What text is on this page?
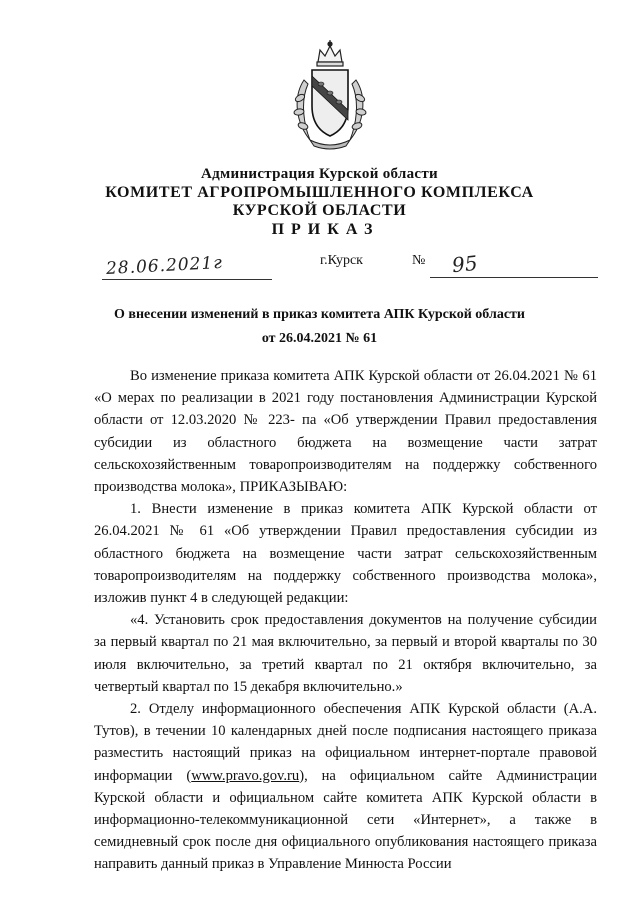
Администрация Курской области
КОМИТЕТ АГРОПРОМЫШЛЕННОГО КОМПЛЕКСА
КУРСКОЙ ОБЛАСТИ
ПРИКАЗ
28.06.2021г	г.Курск	№ 95
О внесении изменений в приказ комитета АПК Курской области
от 26.04.2021 № 61

Во изменение приказа комитета АПК Курской области от 26.04.2021 № 61 «О мерах по реализации в 2021 году постановления Администрации Курской области от 12.03.2020 № 223- па «Об утверждении Правил предоставления субсидии из областного бюджета на возмещение части затрат сельскохозяйственным товаропроизводителям на поддержку собственного производства молока», ПРИКАЗЫВАЮ:

1. Внести изменение в приказ комитета АПК Курской области от 26.04.2021 № 61 «Об утверждении Правил предоставления субсидии из областного бюджета на возмещение части затрат сельскохозяйственным товаропроизводителям на поддержку собственного производства молока», изложив пункт 4 в следующей редакции:

«4. Установить срок предоставления документов на получение субсидии за первый квартал по 21 мая включительно, за первый и второй кварталы по 30 июля включительно, за третий квартал по 21 октября включительно, за четвертый квартал по 15 декабря включительно.»

2. Отделу информационного обеспечения АПК Курской области (А.А. Тутов), в течении 10 календарных дней после подписания настоящего приказа разместить настоящий приказ на официальном интернет-портале правовой информации (www.pravo.gov.ru), на официальном сайте Администрации Курской области и официальном сайте комитета АПК Курской области в информационно-телекоммуникационной сети «Интернет», а также в семидневный срок после дня официального опубликования настоящего приказа направить данный приказ в Управление Минюста России
